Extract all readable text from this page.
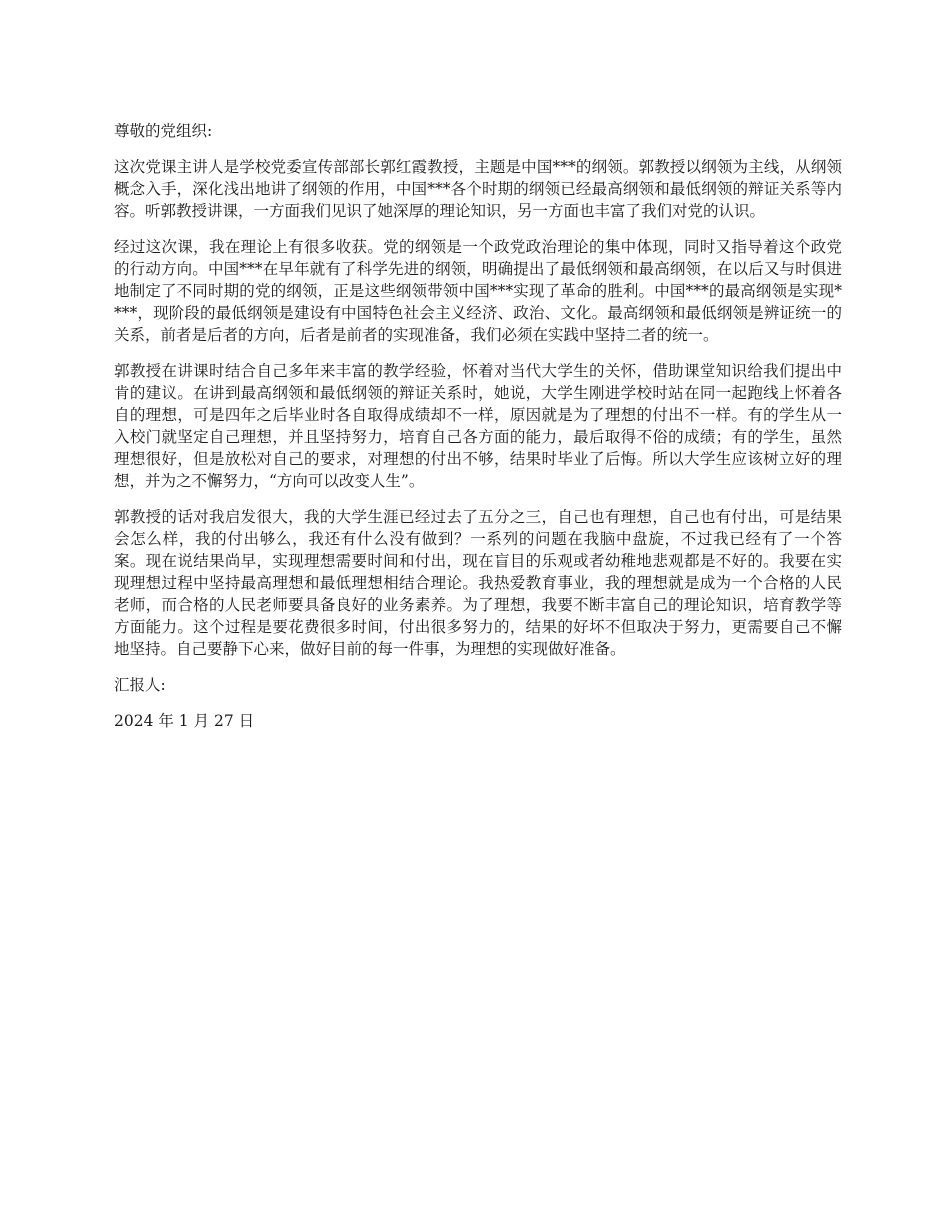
尊敬的党组织:

这次党课主讲人是学校党委宣传部部长郭红霞教授，主题是中国***的纲领。郭教授以纲领为主线，从纲领概念入手，深化浅出地讲了纲领的作用，中国***各个时期的纲领已经最高纲领和最低纲领的辩证关系等内容。听郭教授讲课，一方面我们见识了她深厚的理论知识，另一方面也丰富了我们对党的认识。

经过这次课，我在理论上有很多收获。党的纲领是一个政党政治理论的集中体现，同时又指导着这个政党的行动方向。中国***在早年就有了科学先进的纲领，明确提出了最低纲领和最高纲领，在以后又与时俱进地制定了不同时期的党的纲领，正是这些纲领带领中国***实现了革命的胜利。中国***的最高纲领是实现****，现阶段的最低纲领是建设有中国特色社会主义经济、政治、文化。最高纲领和最低纲领是辨证统一的关系，前者是后者的方向，后者是前者的实现准备，我们必须在实践中坚持二者的统一。

郭教授在讲课时结合自己多年来丰富的教学经验，怀着对当代大学生的关怀，借助课堂知识给我们提出中肯的建议。在讲到最高纲领和最低纲领的辩证关系时，她说，大学生刚进学校时站在同一起跑线上怀着各自的理想，可是四年之后毕业时各自取得成绩却不一样，原因就是为了理想的付出不一样。有的学生从一入校门就坚定自己理想，并且坚持努力，培育自己各方面的能力，最后取得不俗的成绩；有的学生，虽然理想很好，但是放松对自己的要求，对理想的付出不够，结果时毕业了后悔。所以大学生应该树立好的理想，并为之不懈努力，“方向可以改变人生”。

郭教授的话对我启发很大，我的大学生涯已经过去了五分之三，自己也有理想，自己也有付出，可是结果会怎么样，我的付出够么，我还有什么没有做到？一系列的问题在我脑中盘旋，不过我已经有了一个答案。现在说结果尚早，实现理想需要时间和付出，现在盲目的乐观或者幼稚地悲观都是不好的。我要在实现理想过程中坚持最高理想和最低理想相结合理论。我热爱教育事业，我的理想就是成为一个合格的人民老师，而合格的人民老师要具备良好的业务素养。为了理想，我要不断丰富自己的理论知识，培育教学等方面能力。这个过程是要花费很多时间，付出很多努力的，结果的好坏不但取决于努力，更需要自己不懈地坚持。自己要静下心来，做好目前的每一件事，为理想的实现做好准备。

汇报人:

2024 年 1 月 27 日
